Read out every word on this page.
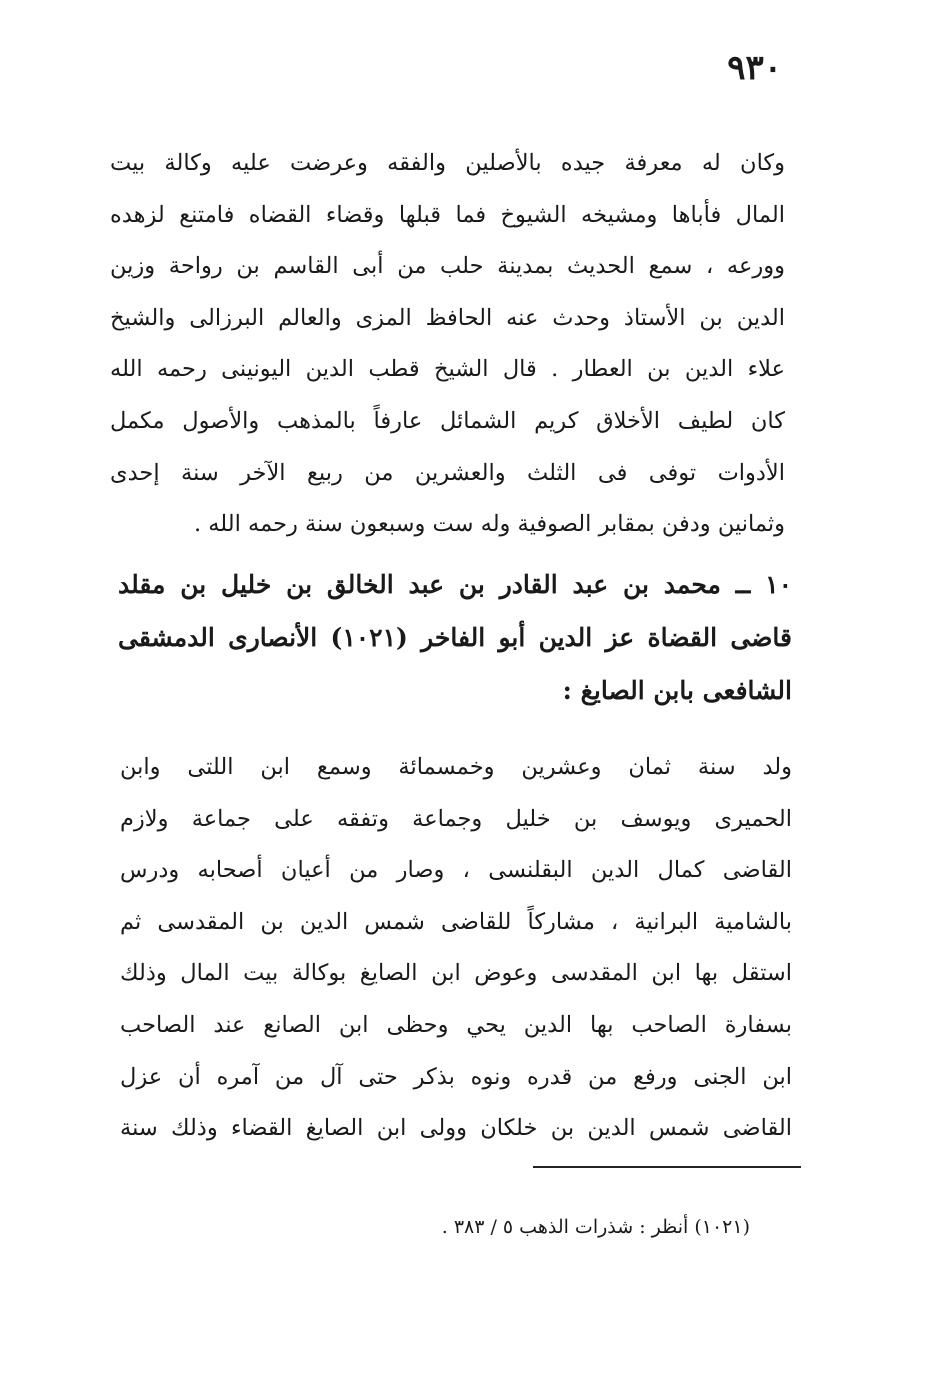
٩٣٠
وكان له معرفة جيده بالأصلين والفقه وعرضت عليه وكالة بيت
المال فأباها ومشيخه الشيوخ فما قبلها وقضاء القضاه فامتنع لزهده
وورعه ، سمع الحديث بمدينة حلب من أبى القاسم بن رواحة وزين
الدين بن الأستاذ وحدث عنه الحافظ المزى والعالم البرزالى والشيخ
علاء الدين بن العطار . قال الشيخ قطب الدين اليونينى رحمه الله
كان لطيف الأخلاق كريم الشمائل عارفاً بالمذهب والأصول مكمل
الأدوات توفى فى الثلث والعشرين من ربيع الآخر سنة إحدى
وثمانين ودفن بمقابر الصوفية وله ست وسبعون سنة رحمه الله .
١٠ ــ محمد بن عبد القادر بن عبد الخالق بن خليل بن مقلد
قاضى القضاة عز الدين أبو الفاخر (١٠٢١) الأنصارى الدمشقى
الشافعى بابن الصايغ :
ولد سنة ثمان وعشرين وخمسمائة وسمع ابن اللتى وابن
الحميرى ويوسف بن خليل وجماعة وتفقه على جماعة ولازم
القاضى كمال الدين البقلنسى ، وصار من أعيان أصحابه ودرس
بالشامية البرانية ، مشاركاً للقاضى شمس الدين بن المقدسى ثم
استقل بها ابن المقدسى وعوض ابن الصايغ بوكالة بيت المال وذلك
بسفارة الصاحب بها الدين يحي وحظى ابن الصانع عند الصاحب
ابن الجنى ورفع من قدره ونوه بذكر حتى آل من آمره أن عزل
القاضى شمس الدين بن خلكان وولى ابن الصايغ القضاء وذلك سنة
(١٠٢١) أنظر : شذرات الذهب ٥ / ٣٨٣ .
